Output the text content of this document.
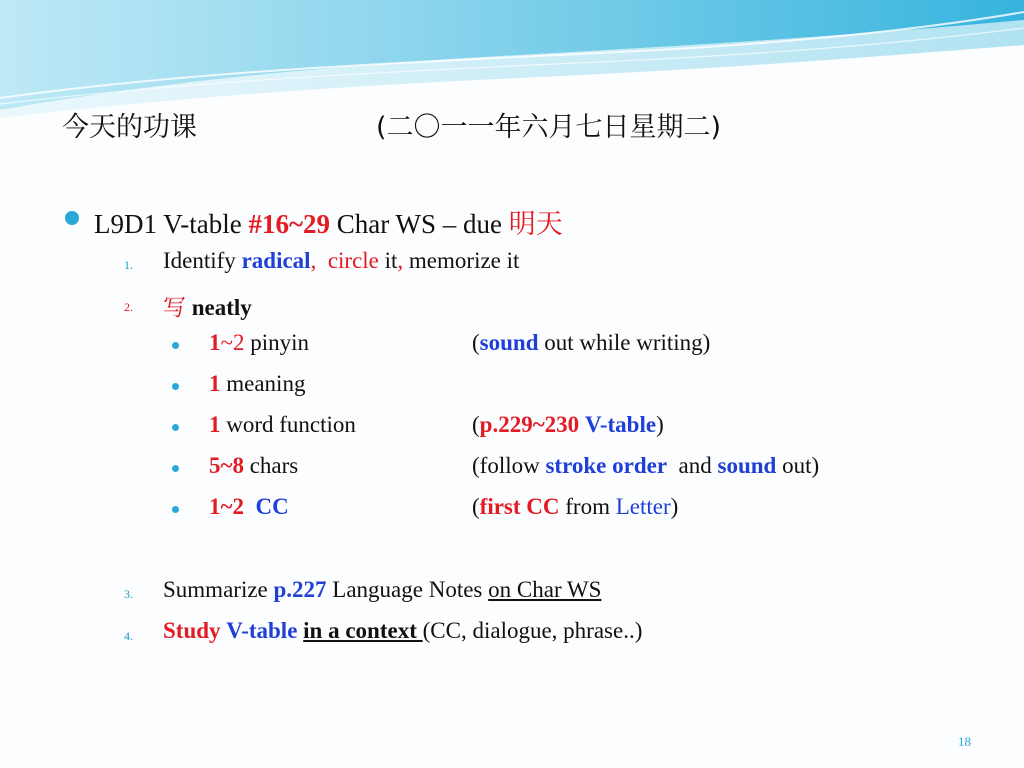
今天的功课	(二〇一一年六月七日星期二)
L9D1 V-table #16~29 Char WS – due 明天
1. Identify radical, circle it, memorize it
2. 写 neatly
1~2 pinyin	(sound out while writing)
1 meaning
1 word function	(p.229~230 V-table)
5~8 chars	(follow stroke order  and sound out)
1~2 CC	(first CC from Letter)
3. Summarize p.227 Language Notes on Char WS
4. Study V-table in a context (CC, dialogue, phrase..)
18
